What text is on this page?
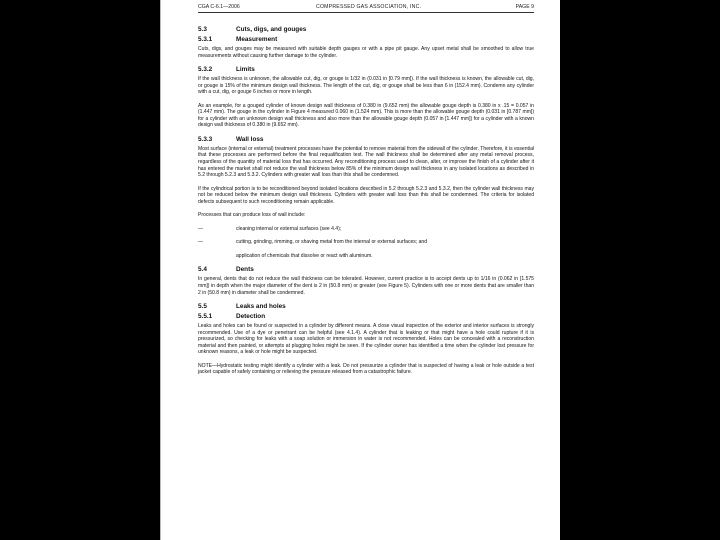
CGA C-6.1—2006	COMPRESSED GAS ASSOCIATION, INC.	PAGE 9
5.3	Cuts, digs, and gouges
5.3.1	Measurement

Cuts, digs, and gouges may be measured with suitable depth gauges or with a pipe pit gauge. Any upset metal shall be smoothed to allow true measurements without causing further damage to the cylinder.

5.3.2	Limits

If the wall thickness is unknown, the allowable cut, dig, or gouge is 1/32 in (0.031 in [0.79 mm]). If the wall thickness is known, the allowable cut, dig, or gouge is 15% of the minimum design wall thickness. The length of the cut, dig, or gouge shall be less than 6 in (152.4 mm). Condemn any cylinder with a cut, dig, or gouge 6 inches or more in length.

As an example, for a gouged cylinder of known design wall thickness of 0.380 in (9.652 mm) the allowable gouge depth is 0.380 in x .15 = 0.057 in (1.447 mm). The gouge in the cylinder in Figure 4 measured 0.060 in (1.524 mm). This is more than the allowable gouge depth (0.031 in [0.787 mm]) for a cylinder with an unknown design wall thickness and also more than the allowable gouge depth (0.057 in [1.447 mm]) for a cylinder with a known design wall thickness of 0.380 in (9.652 mm).

5.3.3	Wall loss

Most surface (internal or external) treatment processes have the potential to remove material from the sidewall of the cylinder. Therefore, it is essential that these processes are performed before the final requalification test. The wall thickness shall be determined after any metal removal process, regardless of the quantity of material loss that has occurred. Any reconditioning process used to clean, alter, or improve the finish of a cylinder after it has entered the market shall not reduce the wall thickness below 85% of the minimum design wall thickness in any isolated locations as described in 5.2 through 5.2.3 and 5.3.2. Cylinders with greater wall loss than this shall be condemned.

If the cylindrical portion is to be reconditioned beyond isolated locations described in 5.2 through 5.2.3 and 5.3.2, then the cylinder wall thickness may not be reduced below the minimum design wall thickness. Cylinders with greater wall loss than this shall be condemned. The criteria for isolated defects subsequent to such reconditioning remain applicable.

Processes that can produce loss of wall include:

—	cleaning internal or external surfaces (see 4.4);
—	cutting, grinding, rimming, or shaving metal from the internal or external surfaces; and
application of chemicals that dissolve or react with aluminum.
5.4	Dents

In general, dents that do not reduce the wall thickness can be tolerated. However, current practice is to accept dents up to 1/16 in (0.062 in [1.575 mm]) in depth when the major diameter of the dent is 2 in (50.8 mm) or greater (see Figure 5). Cylinders with one or more dents that are smaller than 2 in (50.8 mm) in diameter shall be condemned.

5.5	Leaks and holes
5.5.1	Detection

Leaks and holes can be found or suspected in a cylinder by different means. A close visual inspection of the exterior and interior surfaces is strongly recommended. Use of a dye or penetrant can be helpful (see 4.1.4). A cylinder that is leaking or that might have a hole could rupture if it is pressurized, so checking for leaks with a soap solution or immersion in water is not recommended. Holes can be concealed with a reconstruction material and then painted, or attempts at plugging holes might be seen. If the cylinder owner has identified a time when the cylinder lost pressure for unknown reasons, a leak or hole might be suspected.

NOTE—Hydrostatic testing might identify a cylinder with a leak. Do not pressurize a cylinder that is suspected of having a leak or hole outside a test jacket capable of safely containing or relieving the pressure released from a catastrophic failure.
